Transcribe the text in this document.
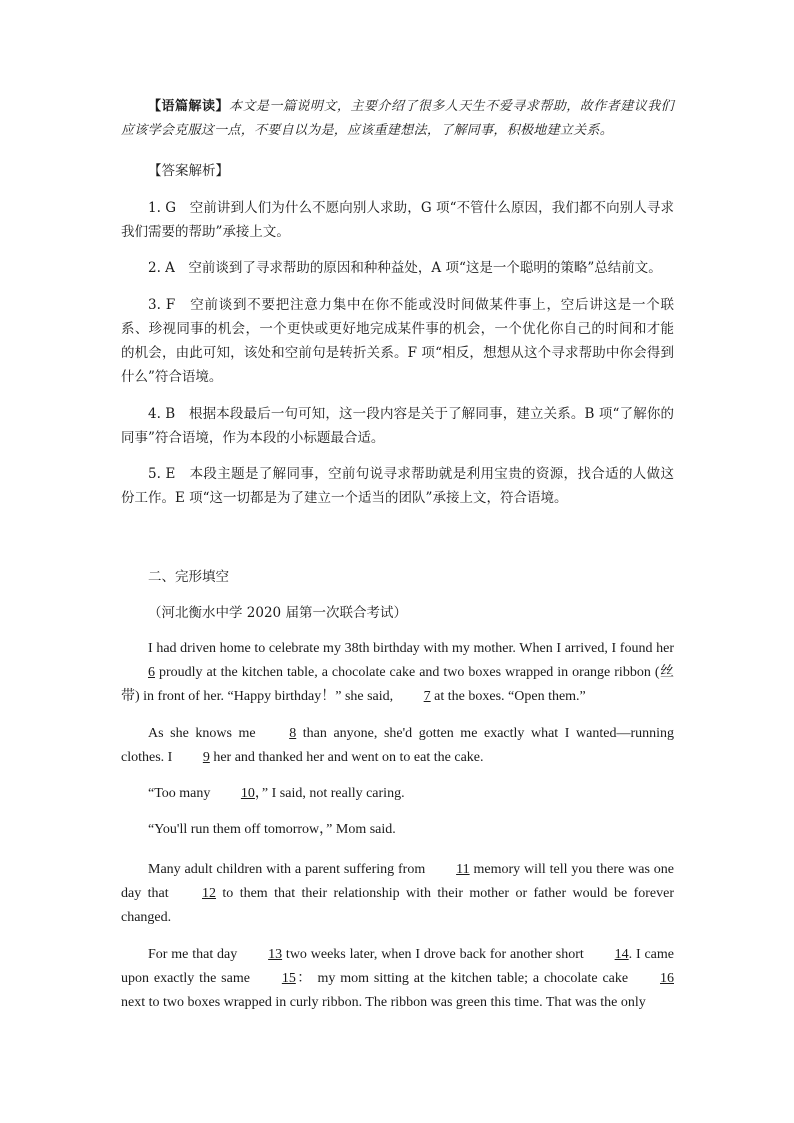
【语篇解读】本文是一篇说明文，主要介绍了很多人天生不爱寻求帮助，故作者建议我们应该学会克服这一点，不要自以为是，应该重建想法，了解同事，积极地建立关系。
【答案解析】
1. G　空前讲到人们为什么不愿向别人求助，G 项“不管什么原因，我们都不向别人寻求我们需要的帮助”承接上文。
2. A　空前谈到了寻求帮助的原因和种种益处，A 项“这是一个聪明的策略”总结前文。
3. F　空前谈到不要把注意力集中在你不能或没时间做某件事上，空后讲这是一个联系、珍视同事的机会，一个更快或更好地完成某件事的机会，一个优化你自己的时间和才能的机会，由此可知，该处和空前句是转折关系。F 项“相反，想想从这个寻求帮助中你会得到什么”符合语境。
4. B　根据本段最后一句可知，这一段内容是关于了解同事，建立关系。B 项“了解你的同事”符合语境，作为本段的小标题最合适。
5. E　本段主题是了解同事，空前句说寻求帮助就是利用宝贵的资源，找合适的人做这份工作。E 项“这一切都是为了建立一个适当的团队”承接上文，符合语境。
二、完形填空
（河北衡水中学 2020 届第一次联合考试）
I had driven home to celebrate my 38th birthday with my mother. When I arrived, I found her 6 proudly at the kitchen table, a chocolate cake and two boxes wrapped in orange ribbon (丝带) in front of her. “Happy birthday！” she said, 7 at the boxes. “Open them.”
As she knows me 8 than anyone, she'd gotten me exactly what I wanted—running clothes. I 9 her and thanked her and went on to eat the cake.
“Too many 10，” I said, not really caring.
“You'll run them off tomorrow，” Mom said.
Many adult children with a parent suffering from 11 memory will tell you there was one day that 12 to them that their relationship with their mother or father would be forever changed.
For me that day 13 two weeks later, when I drove back for another short 14. I came upon exactly the same 15： my mom sitting at the kitchen table; a chocolate cake 16 next to two boxes wrapped in curly ribbon. The ribbon was green this time. That was the only
